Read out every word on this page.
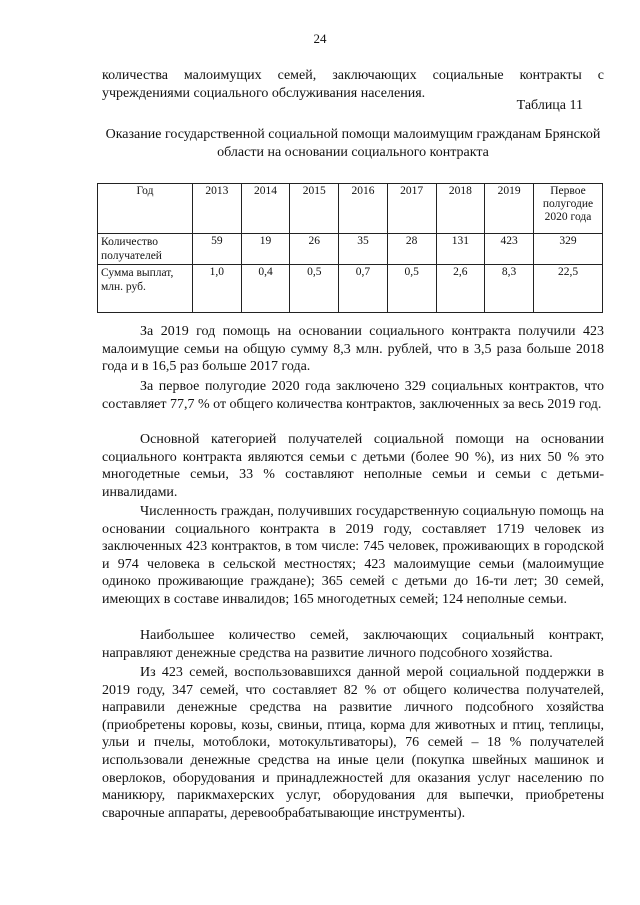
24

количества малоимущих семей, заключающих социальные контракты с учреждениями социального обслуживания населения.

Таблица 11
Оказание государственной социальной помощи малоимущим гражданам Брянской области на основании социального контракта
Год	2013	2014	2015	2016	2017	2018	2019	Первое полугодие 2020 года
Количество получателей	59	19	26	35	28	131	423	329
Сумма выплат, млн. руб.	1,0	0,4	0,5	0,7	0,5	2,6	8,3	22,5

За 2019 год помощь на основании социального контракта получили 423 малоимущие семьи на общую сумму 8,3 млн. рублей, что в 3,5 раза больше 2018 года и в 16,5 раз больше 2017 года.

За первое полугодие 2020 года заключено 329 социальных контрактов, что составляет 77,7 % от общего количества контрактов, заключенных за весь 2019 год.

Основной категорией получателей социальной помощи на основании социального контракта являются семьи с детьми (более 90 %), из них 50 % это многодетные семьи, 33 % составляют неполные семьи и семьи с детьми-инвалидами.

Численность граждан, получивших государственную социальную помощь на основании социального контракта в 2019 году, составляет 1719 человек из заключенных 423 контрактов, в том числе: 745 человек, проживающих в городской и 974 человека в сельской местностях; 423 малоимущие семьи (малоимущие одиноко проживающие граждане); 365 семей с детьми до 16-ти лет; 30 семей, имеющих в составе инвалидов; 165 многодетных семей; 124 неполные семьи.

Наибольшее количество семей, заключающих социальный контракт, направляют денежные средства на развитие личного подсобного хозяйства.

Из 423 семей, воспользовавшихся данной мерой социальной поддержки в 2019 году, 347 семей, что составляет 82 % от общего количества получателей, направили денежные средства на развитие личного подсобного хозяйства (приобретены коровы, козы, свиньи, птица, корма для животных и птиц, теплицы, ульи и пчелы, мотоблоки, мотокультиваторы), 76 семей – 18 % получателей использовали денежные средства на иные цели (покупка швейных машинок и оверлоков, оборудования и принадлежностей для оказания услуг населению по маникюру, парикмахерских услуг, оборудования для выпечки, приобретены сварочные аппараты, деревообрабатывающие инструменты).
